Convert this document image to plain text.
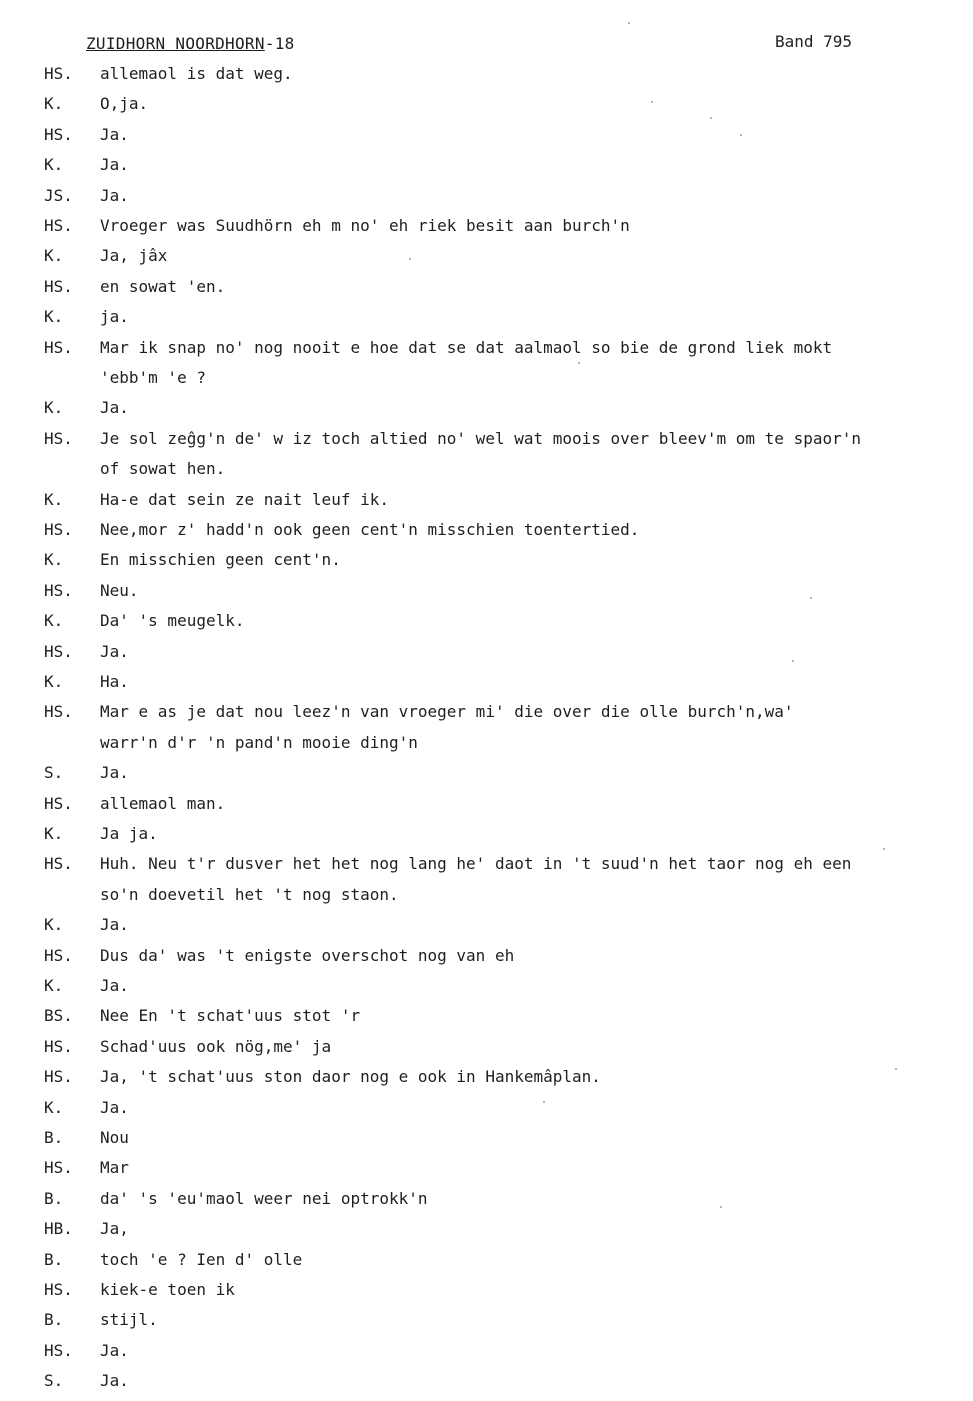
ZUIDHORN NOORDHORN-18	Band 795
HS. allemaol is dat weg.
K. O,ja.
HS. Ja.
K. Ja.
JS. Ja.
HS. Vroeger was Suudhörn eh m no' eh riek besit aan burch'n
K. Ja, jâx
HS. en sowat 'en.
K. ja.
HS. Mar ik snap no' nog nooit e hoe dat se dat aalmaol so bie de grond liek mokt
'ebb'm 'e ?
K. Ja.
HS. Je sol zeĝg'n de' w iz toch altied no' wel wat moois over bleev'm om te spaor'n
of sowat hen.
K. Ha-e dat sein ze nait leuf ik.
HS. Nee,mor z' hadd'n ook geen cent'n misschien toentertied.
K. En misschien geen cent'n.
HS. Neu.
K. Da' 's meugelk.
HS. Ja.
K. Ha.
HS. Mar e as je dat nou leez'n van vroeger mi' die over die olle burch'n,wa'
warr'n d'r 'n pand'n mooie ding'n
S. Ja.
HS. allemaol man.
K. Ja ja.
HS. Huh. Neu t'r dusver het het nog lang he' daot in 't suud'n het taor nog eh een
so'n doevetil het 't nog staon.
K. Ja.
HS. Dus da' was 't enigste overschot nog van eh
K. Ja.
BS. Nee En 't schat'uus stot 'r
HS. Schad'uus ook nög,me' ja
HS. Ja, 't schat'uus ston daor nog e ook in Hankemâplan.
K. Ja.
B. Nou
HS. Mar
B. da' 's 'eu'maol weer nei optrokk'n
HB. Ja,
B. toch 'e ? Ien d' olle
HS. kiek-e toen ik
B. stijl.
HS. Ja.
S. Ja.
